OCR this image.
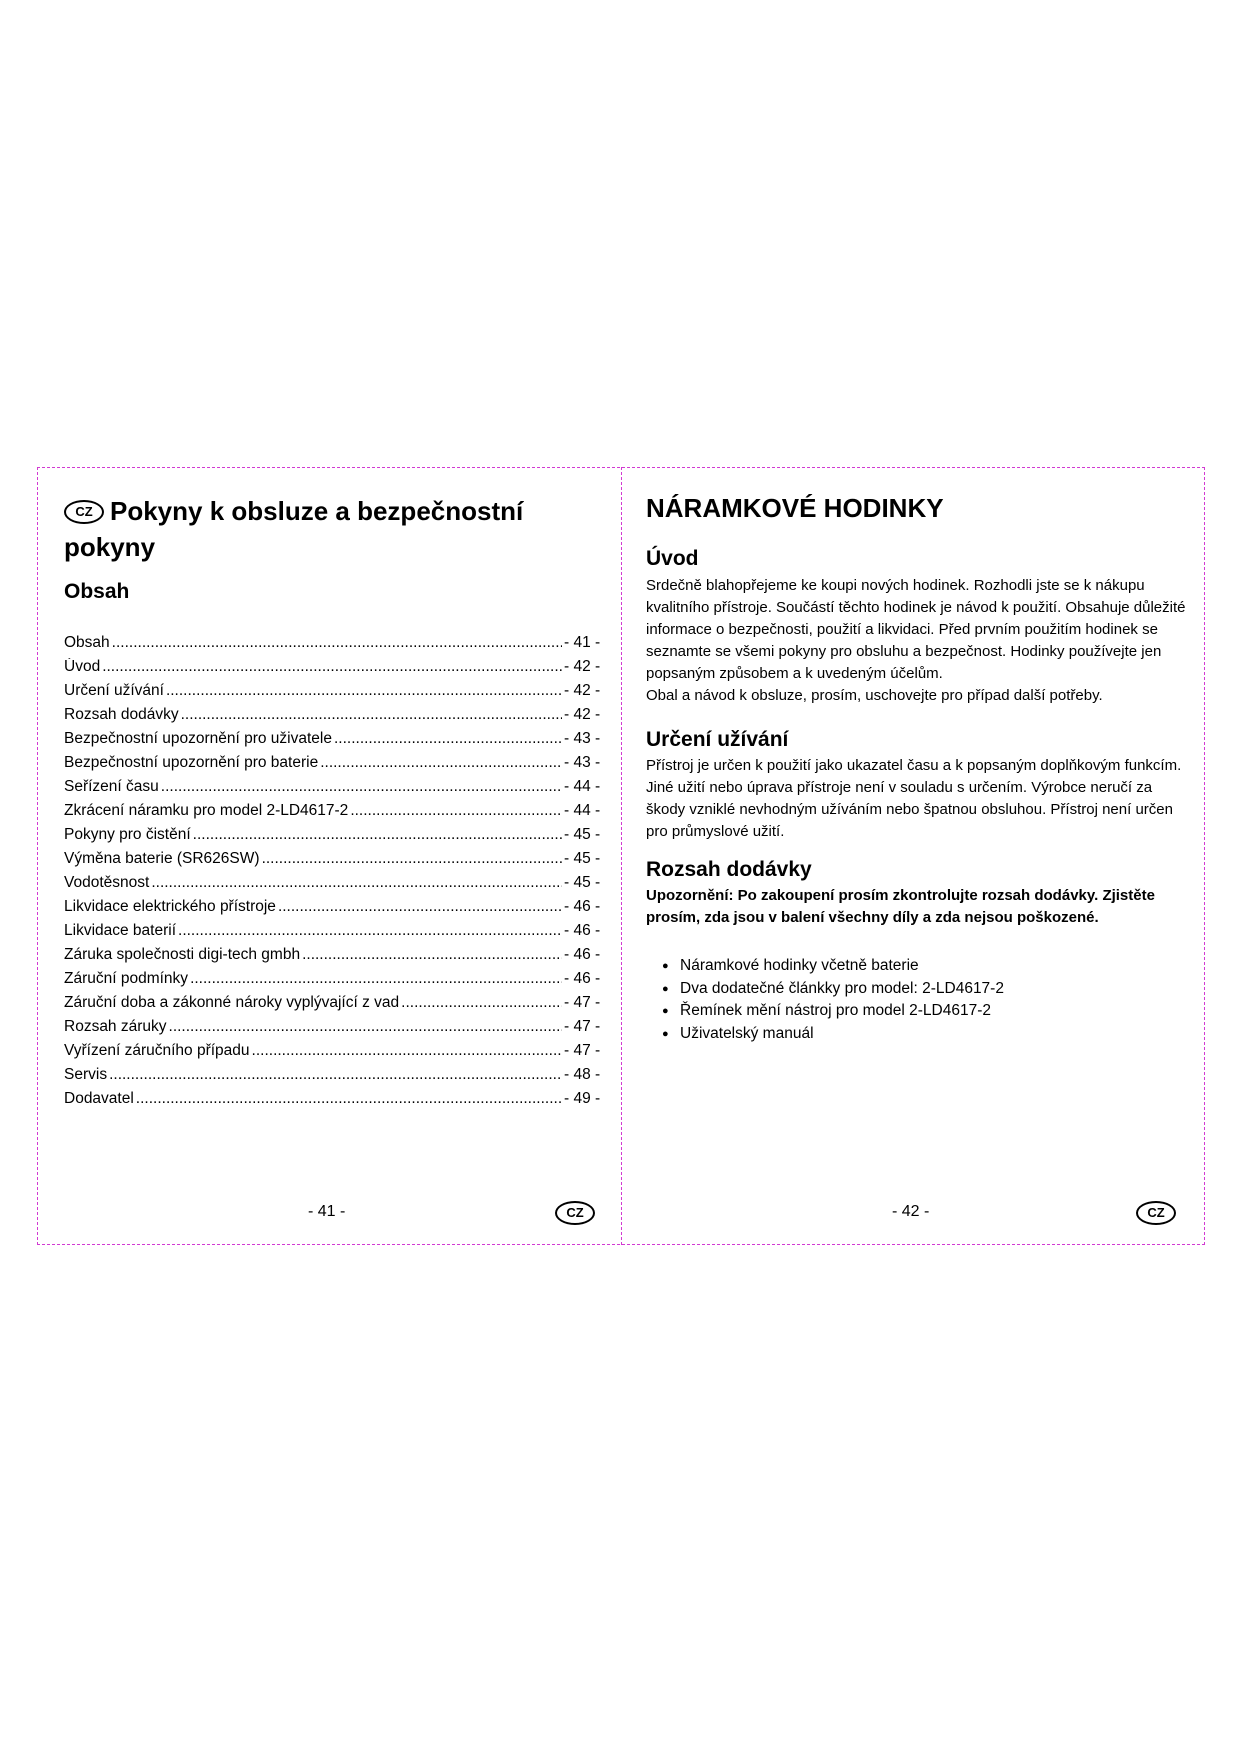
CZ Pokyny k obsluze a bezpečnostní pokyny
Obsah
Obsah .....	- 41 -
Úvod .....	- 42 -
Určení užívání .....	- 42 -
Rozsah dodávky .....	- 42 -
Bezpečnostní upozornění pro uživatele .....	- 43 -
Bezpečnostní upozornění pro baterie .....	- 43 -
Seřízení času .....	- 44 -
Zkrácení náramku pro model 2-LD4617-2 .....	- 44 -
Pokyny pro čistění .....	- 45 -
Výměna baterie (SR626SW) .....	- 45 -
Vodotěsnost .....	- 45 -
Likvidace elektrického přístroje .....	- 46 -
Likvidace baterií .....	- 46 -
Záruka společnosti digi-tech gmbh .....	- 46 -
Záruční podmínky .....	- 46 -
Záruční doba a zákonné nároky vyplývající z vad .....	- 47 -
Rozsah záruky .....	- 47 -
Vyřízení záručního případu .....	- 47 -
Servis .....	- 48 -
Dodavatel .....	- 49 -
- 41 -	CZ
NÁRAMKOVÉ HODINKY
Úvod

Srdečně blahopřejeme ke koupi nových hodinek. Rozhodli jste se k nákupu kvalitního přístroje. Součástí těchto hodinek je návod k použití. Obsahuje důležité informace o bezpečnosti, použití a likvidaci. Před prvním použitím hodinek se seznamte se všemi pokyny pro obsluhu a bezpečnost. Hodinky používejte jen popsaným způsobem a k uvedeným účelům.

Obal a návod k obsluze, prosím, uschovejte pro případ další potřeby.

Určení užívání

Přístroj je určen k použití jako ukazatel času a k popsaným doplňkovým funkcím. Jiné užití nebo úprava přístroje není v souladu s určením. Výrobce neručí za škody vzniklé nevhodným užíváním nebo špatnou obsluhou. Přístroj není určen pro průmyslové užití.

Rozsah dodávky

Upozornění: Po zakoupení prosím zkontrolujte rozsah dodávky. Zjistěte prosím, zda jsou v balení všechny díly a zda nejsou poškozené.

● Náramkové hodinky včetně baterie
● Dva dodatečné článkky pro model: 2-LD4617-2
● Řemínek mění nástroj pro model 2-LD4617-2
● Uživatelský manuál
- 42 -	CZ
